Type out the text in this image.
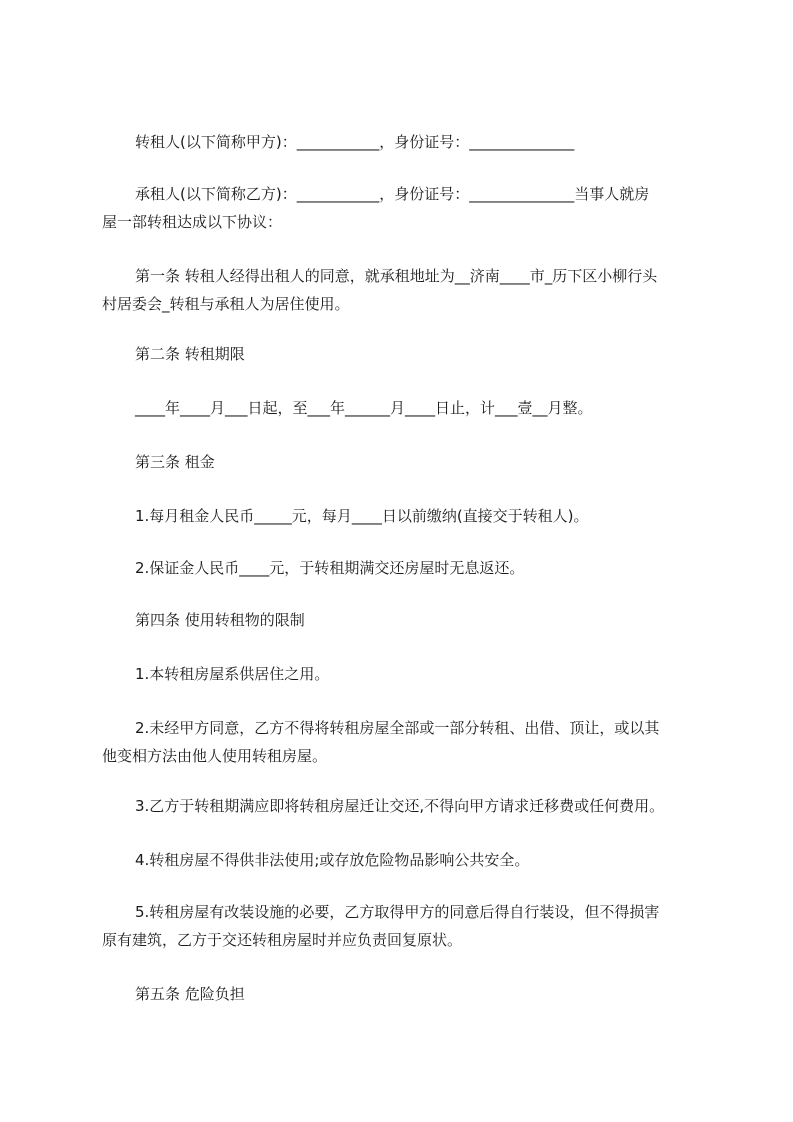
转租人(以下简称甲方)：___________，身份证号：______________

承租人(以下简称乙方)：___________，身份证号：______________当事人就房
屋一部转租达成以下协议：

第一条 转租人经得出租人的同意，就承租地址为__济南____市_历下区小柳行头
村居委会_转租与承租人为居住使用。

第二条 转租期限

____年____月___日起，至___年______月____日止，计___壹__月整。

第三条 租金

1.每月租金人民币_____元，每月____日以前缴纳(直接交于转租人)。

2.保证金人民币____元，于转租期满交还房屋时无息返还。

第四条 使用转租物的限制

1.本转租房屋系供居住之用。

2.未经甲方同意，乙方不得将转租房屋全部或一部分转租、出借、顶让，或以其
他变相方法由他人使用转租房屋。

3.乙方于转租期满应即将转租房屋迁让交还,不得向甲方请求迁移费或任何费用。

4.转租房屋不得供非法使用;或存放危险物品影响公共安全。

5.转租房屋有改装设施的必要，乙方取得甲方的同意后得自行装设，但不得损害
原有建筑，乙方于交还转租房屋时并应负责回复原状。

第五条 危险负担
